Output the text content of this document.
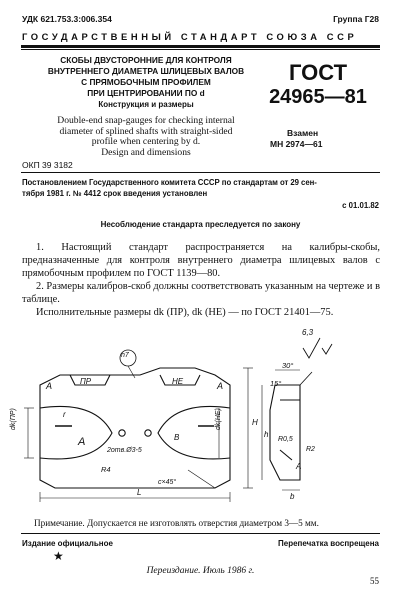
УДК 621.753.3:006.354	Группа Г28
ГОСУДАРСТВЕННЫЙ СТАНДАРТ СОЮЗА ССР
СКОБЫ ДВУСТОРОННИЕ ДЛЯ КОНТРОЛЯ
ВНУТРЕННЕГО ДИАМЕТРА ШЛИЦЕВЫХ ВАЛОВ
С ПРЯМОБОЧНЫМ ПРОФИЛЕМ
ПРИ ЦЕНТРИРОВАНИИ ПО d
Конструкция и размеры
Double-end snap-gauges for checking internal
diameter of splined shafts with straight-sided
profile when centering by d.
Design and dimensions
ОКП 39 3182
ГОСТ
24965—81
Взамен
МН 2974—61
Постановлением Государственного комитета СССР по стандартам от 29 сен-
тября 1981 г. № 4412 срок введения установлен
с 01.01.82
Несоблюдение стандарта преследуется по закону
1. Настоящий стандарт распространяется на калибры-скобы, предназначенные для контроля внутреннего диаметра шлицевых валов с прямобочным профилем по ГОСТ 1139—80.
2. Размеры калибров-скоб должны соответствовать указанным на чертеже и в таблице.
Исполнительные размеры dk (ПР), dk (НЕ) — по ГОСТ 21401—75.
n7
6,3
ПР	НЕ
A	A
A	B
r
R4
2отв.Ø3-5
с×45°
L
H
h
dk(ПР)	dk(НЕ)
30°
15°
R0,5
R2
b
A
Примечание. Допускается не изготовлять отверстия диаметром 3—5 мм.
Издание официальное	Перепечатка воспрещена
★
Переиздание. Июль 1986 г.
55
